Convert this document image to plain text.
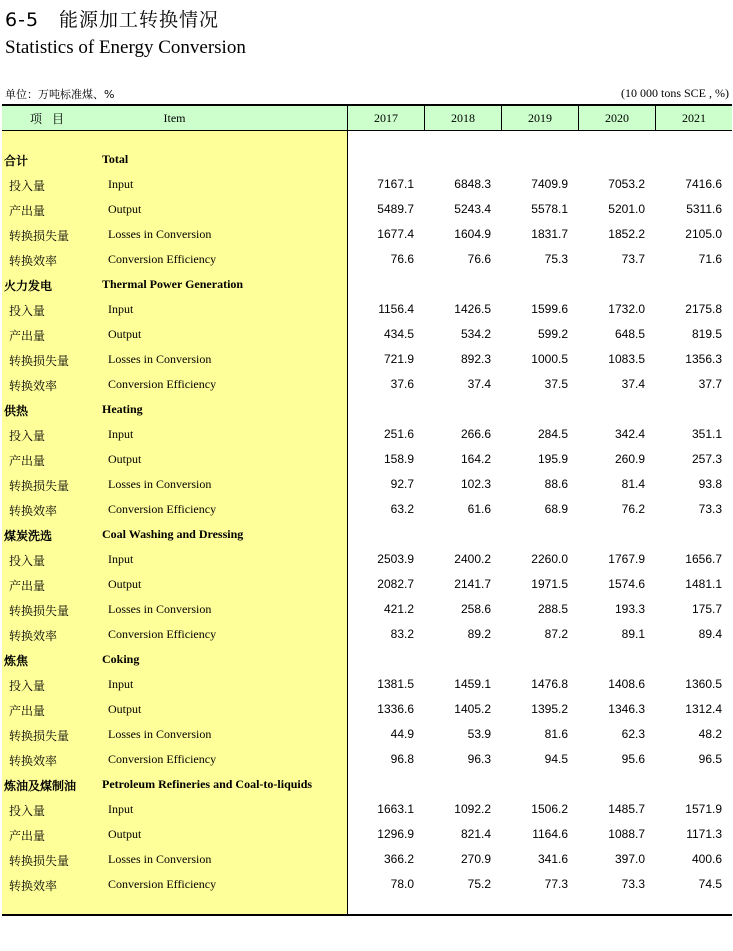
6-5　能源加工转换情况
Statistics of Energy Conversion
单位：万吨标准煤、%	(10 000 tons SCE , %)
项目	Item	2017	2018	2019	2020	2021
合计	Total
投入量	Input	7167.1	6848.3	7409.9	7053.2	7416.6
产出量	Output	5489.7	5243.4	5578.1	5201.0	5311.6
转换损失量	Losses in Conversion	1677.4	1604.9	1831.7	1852.2	2105.0
转换效率	Conversion Efficiency	76.6	76.6	75.3	73.7	71.6
火力发电	Thermal Power Generation
投入量	Input	1156.4	1426.5	1599.6	1732.0	2175.8
产出量	Output	434.5	534.2	599.2	648.5	819.5
转换损失量	Losses in Conversion	721.9	892.3	1000.5	1083.5	1356.3
转换效率	Conversion Efficiency	37.6	37.4	37.5	37.4	37.7
供热	Heating
投入量	Input	251.6	266.6	284.5	342.4	351.1
产出量	Output	158.9	164.2	195.9	260.9	257.3
转换损失量	Losses in Conversion	92.7	102.3	88.6	81.4	93.8
转换效率	Conversion Efficiency	63.2	61.6	68.9	76.2	73.3
煤炭洗选	Coal Washing and Dressing
投入量	Input	2503.9	2400.2	2260.0	1767.9	1656.7
产出量	Output	2082.7	2141.7	1971.5	1574.6	1481.1
转换损失量	Losses in Conversion	421.2	258.6	288.5	193.3	175.7
转换效率	Conversion Efficiency	83.2	89.2	87.2	89.1	89.4
炼焦	Coking
投入量	Input	1381.5	1459.1	1476.8	1408.6	1360.5
产出量	Output	1336.6	1405.2	1395.2	1346.3	1312.4
转换损失量	Losses in Conversion	44.9	53.9	81.6	62.3	48.2
转换效率	Conversion Efficiency	96.8	96.3	94.5	95.6	96.5
炼油及煤制油 Petroleum Refineries and Coal-to-liquids
投入量	Input	1663.1	1092.2	1506.2	1485.7	1571.9
产出量	Output	1296.9	821.4	1164.6	1088.7	1171.3
转换损失量	Losses in Conversion	366.2	270.9	341.6	397.0	400.6
转换效率	Conversion Efficiency	78.0	75.2	77.3	73.3	74.5
